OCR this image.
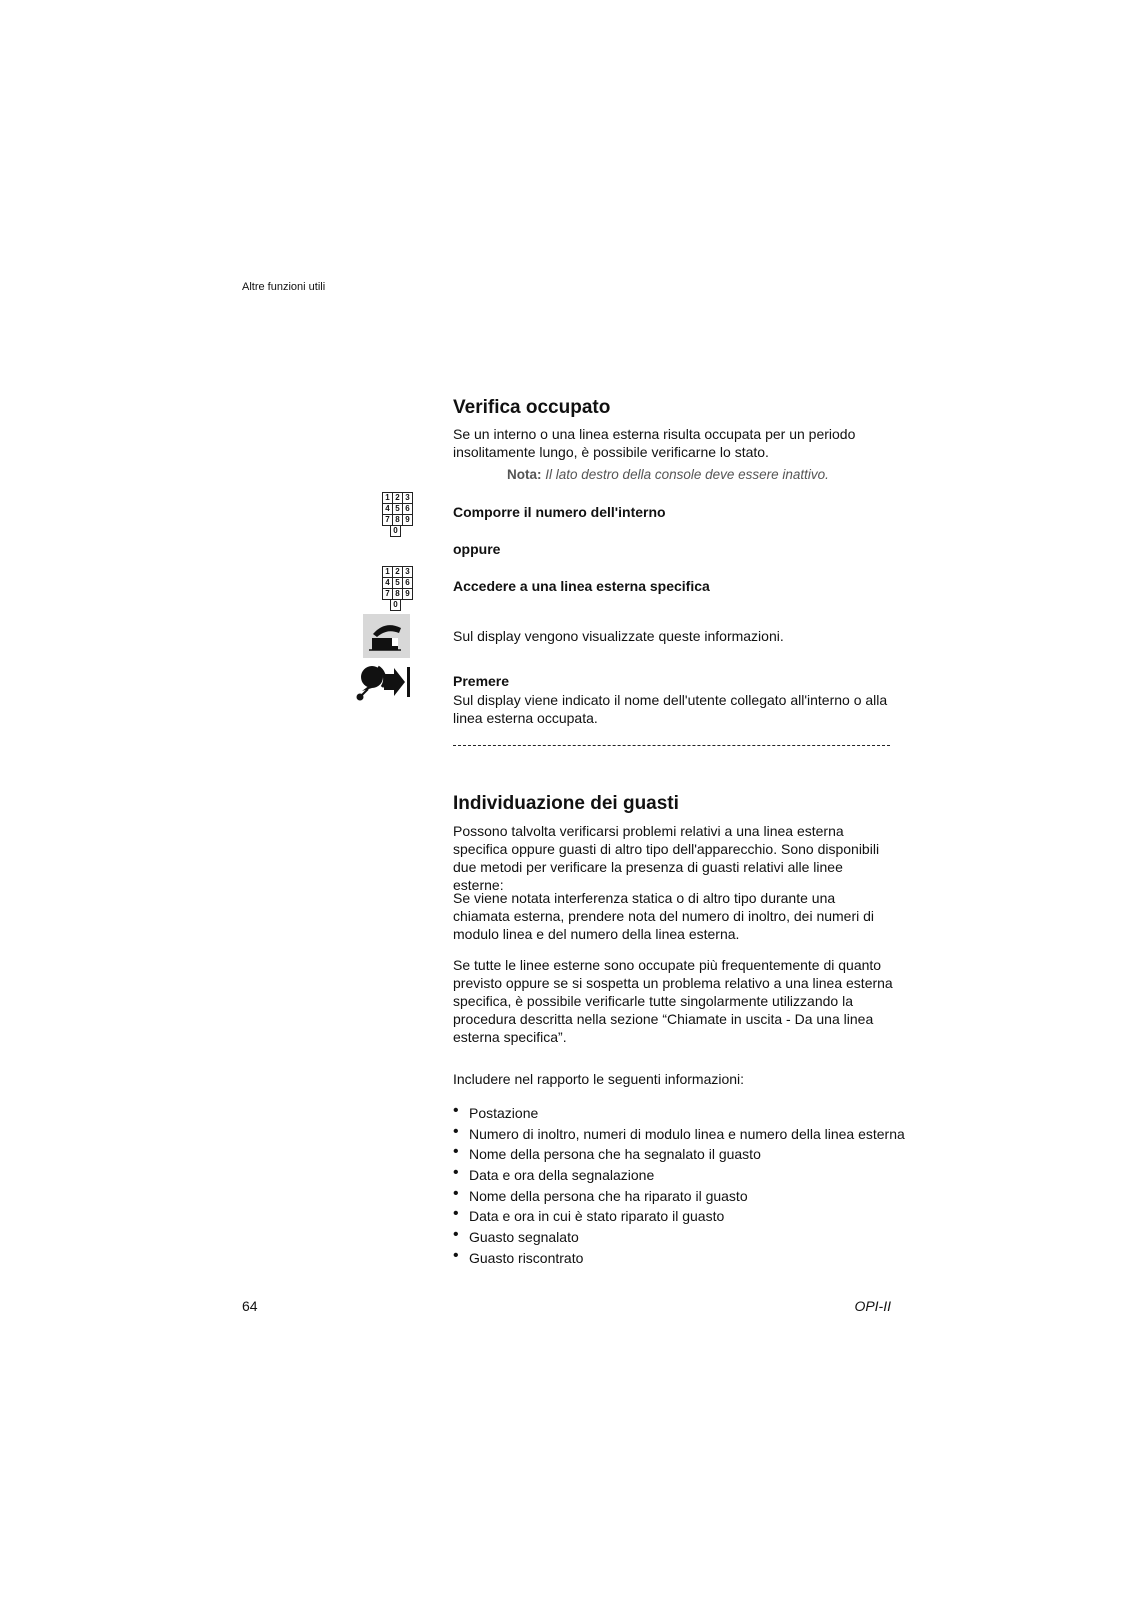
Altre funzioni utili
Verifica occupato
Se un interno o una linea esterna risulta occupata per un periodo insolitamente lungo, è possibile verificarne lo stato.
Nota: Il lato destro della console deve essere inattivo.
1 2 3
4 5 6
7 8 9
0
Comporre il numero dell'interno
oppure
1 2 3
4 5 6
7 8 9
0
Accedere a una linea esterna specifica
Sul display vengono visualizzate queste informazioni.
Premere
Sul display viene indicato il nome dell'utente collegato all'interno o alla linea esterna occupata.
Individuazione dei guasti
Possono talvolta verificarsi problemi relativi a una linea esterna specifica oppure guasti di altro tipo dell'apparecchio. Sono disponibili due metodi per verificare la presenza di guasti relativi alle linee esterne:
Se viene notata interferenza statica o di altro tipo durante una chiamata esterna, prendere nota del numero di inoltro, dei numeri di modulo linea e del numero della linea esterna.
Se tutte le linee esterne sono occupate più frequentemente di quanto previsto oppure se si sospetta un problema relativo a una linea esterna specifica, è possibile verificarle tutte singolarmente utilizzando la procedura descritta nella sezione “Chiamate in uscita - Da una linea esterna specifica”.
Includere nel rapporto le seguenti informazioni:
• Postazione
• Numero di inoltro, numeri di modulo linea e numero della linea esterna
• Nome della persona che ha segnalato il guasto
• Data e ora della segnalazione
• Nome della persona che ha riparato il guasto
• Data e ora in cui è stato riparato il guasto
• Guasto segnalato
• Guasto riscontrato
64	OPI-II
